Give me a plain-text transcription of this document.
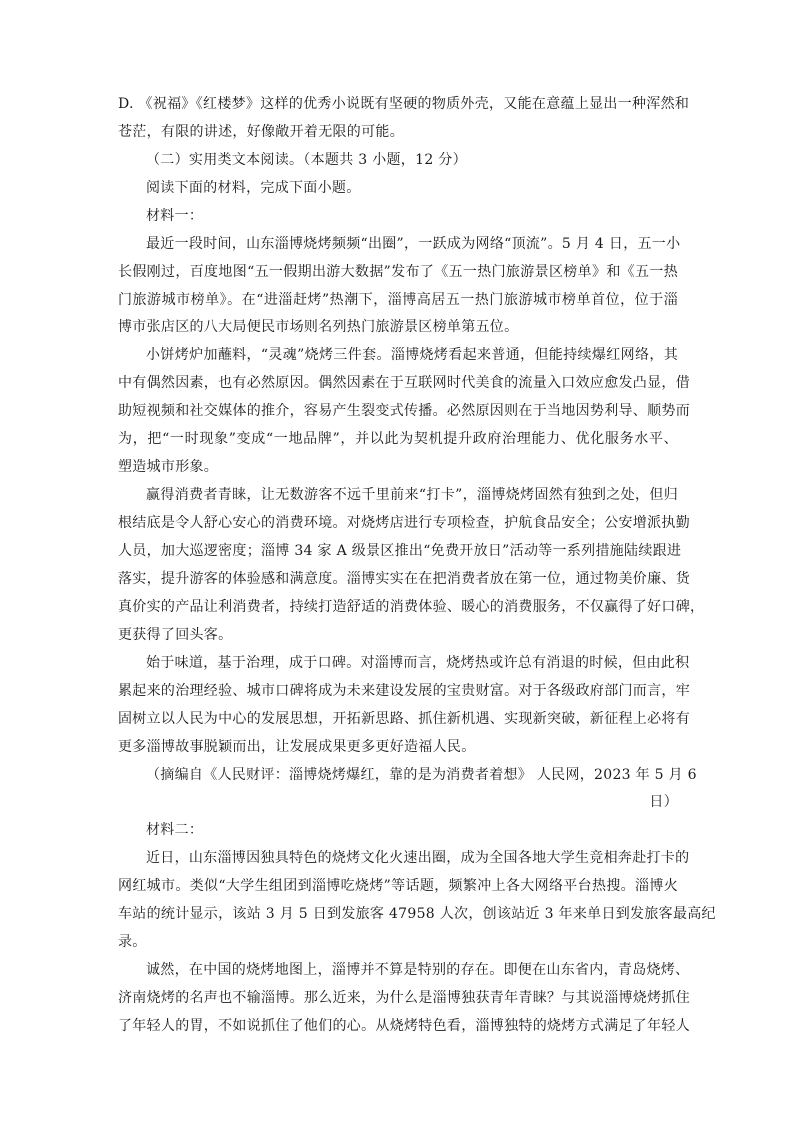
D. 《祝福》《红楼梦》这样的优秀小说既有坚硬的物质外壳，又能在意蕴上显出一种浑然和
苍茫，有限的讲述，好像敞开着无限的可能。
（二）实用类文本阅读。（本题共 3 小题，12 分）
阅读下面的材料，完成下面小题。
材料一：
最近一段时间，山东淄博烧烤频频“出圈”，一跃成为网络“顶流”。5 月 4 日，五一小
长假刚过，百度地图“五一假期出游大数据”发布了《五一热门旅游景区榜单》和《五一热
门旅游城市榜单》。在“进淄赶烤”热潮下，淄博高居五一热门旅游城市榜单首位，位于淄
博市张店区的八大局便民市场则名列热门旅游景区榜单第五位。
小饼烤炉加蘸料，“灵魂”烧烤三件套。淄博烧烤看起来普通，但能持续爆红网络，其
中有偶然因素，也有必然原因。偶然因素在于互联网时代美食的流量入口效应愈发凸显，借
助短视频和社交媒体的推介，容易产生裂变式传播。必然原因则在于当地因势利导、顺势而
为，把“一时现象”变成“一地品牌”，并以此为契机提升政府治理能力、优化服务水平、
塑造城市形象。
赢得消费者青睐，让无数游客不远千里前来“打卡”，淄博烧烤固然有独到之处，但归
根结底是令人舒心安心的消费环境。对烧烤店进行专项检查，护航食品安全；公安增派执勤
人员，加大巡逻密度；淄博 34 家 A 级景区推出“免费开放日”活动等一系列措施陆续跟进
落实，提升游客的体验感和满意度。淄博实实在在把消费者放在第一位，通过物美价廉、货
真价实的产品让利消费者，持续打造舒适的消费体验、暖心的消费服务，不仅赢得了好口碑，
更获得了回头客。
始于味道，基于治理，成于口碑。对淄博而言，烧烤热或许总有消退的时候，但由此积
累起来的治理经验、城市口碑将成为未来建设发展的宝贵财富。对于各级政府部门而言，牢
固树立以人民为中心的发展思想，开拓新思路、抓住新机遇、实现新突破，新征程上必将有
更多淄博故事脱颖而出，让发展成果更多更好造福人民。
（摘编自《人民财评：淄博烧烤爆红，靠的是为消费者着想》 人民网，2023 年 5 月 6
日）
材料二：
近日，山东淄博因独具特色的烧烤文化火速出圈，成为全国各地大学生竞相奔赴打卡的
网红城市。类似“大学生组团到淄博吃烧烤”等话题，频繁冲上各大网络平台热搜。淄博火
车站的统计显示，该站 3 月 5 日到发旅客 47958 人次，创该站近 3 年来单日到发旅客最高纪
录。
诚然，在中国的烧烤地图上，淄博并不算是特别的存在。即便在山东省内，青岛烧烤、
济南烧烤的名声也不输淄博。那么近来，为什么是淄博独获青年青睐？与其说淄博烧烤抓住
了年轻人的胃，不如说抓住了他们的心。从烧烤特色看，淄博独特的烧烤方式满足了年轻人
